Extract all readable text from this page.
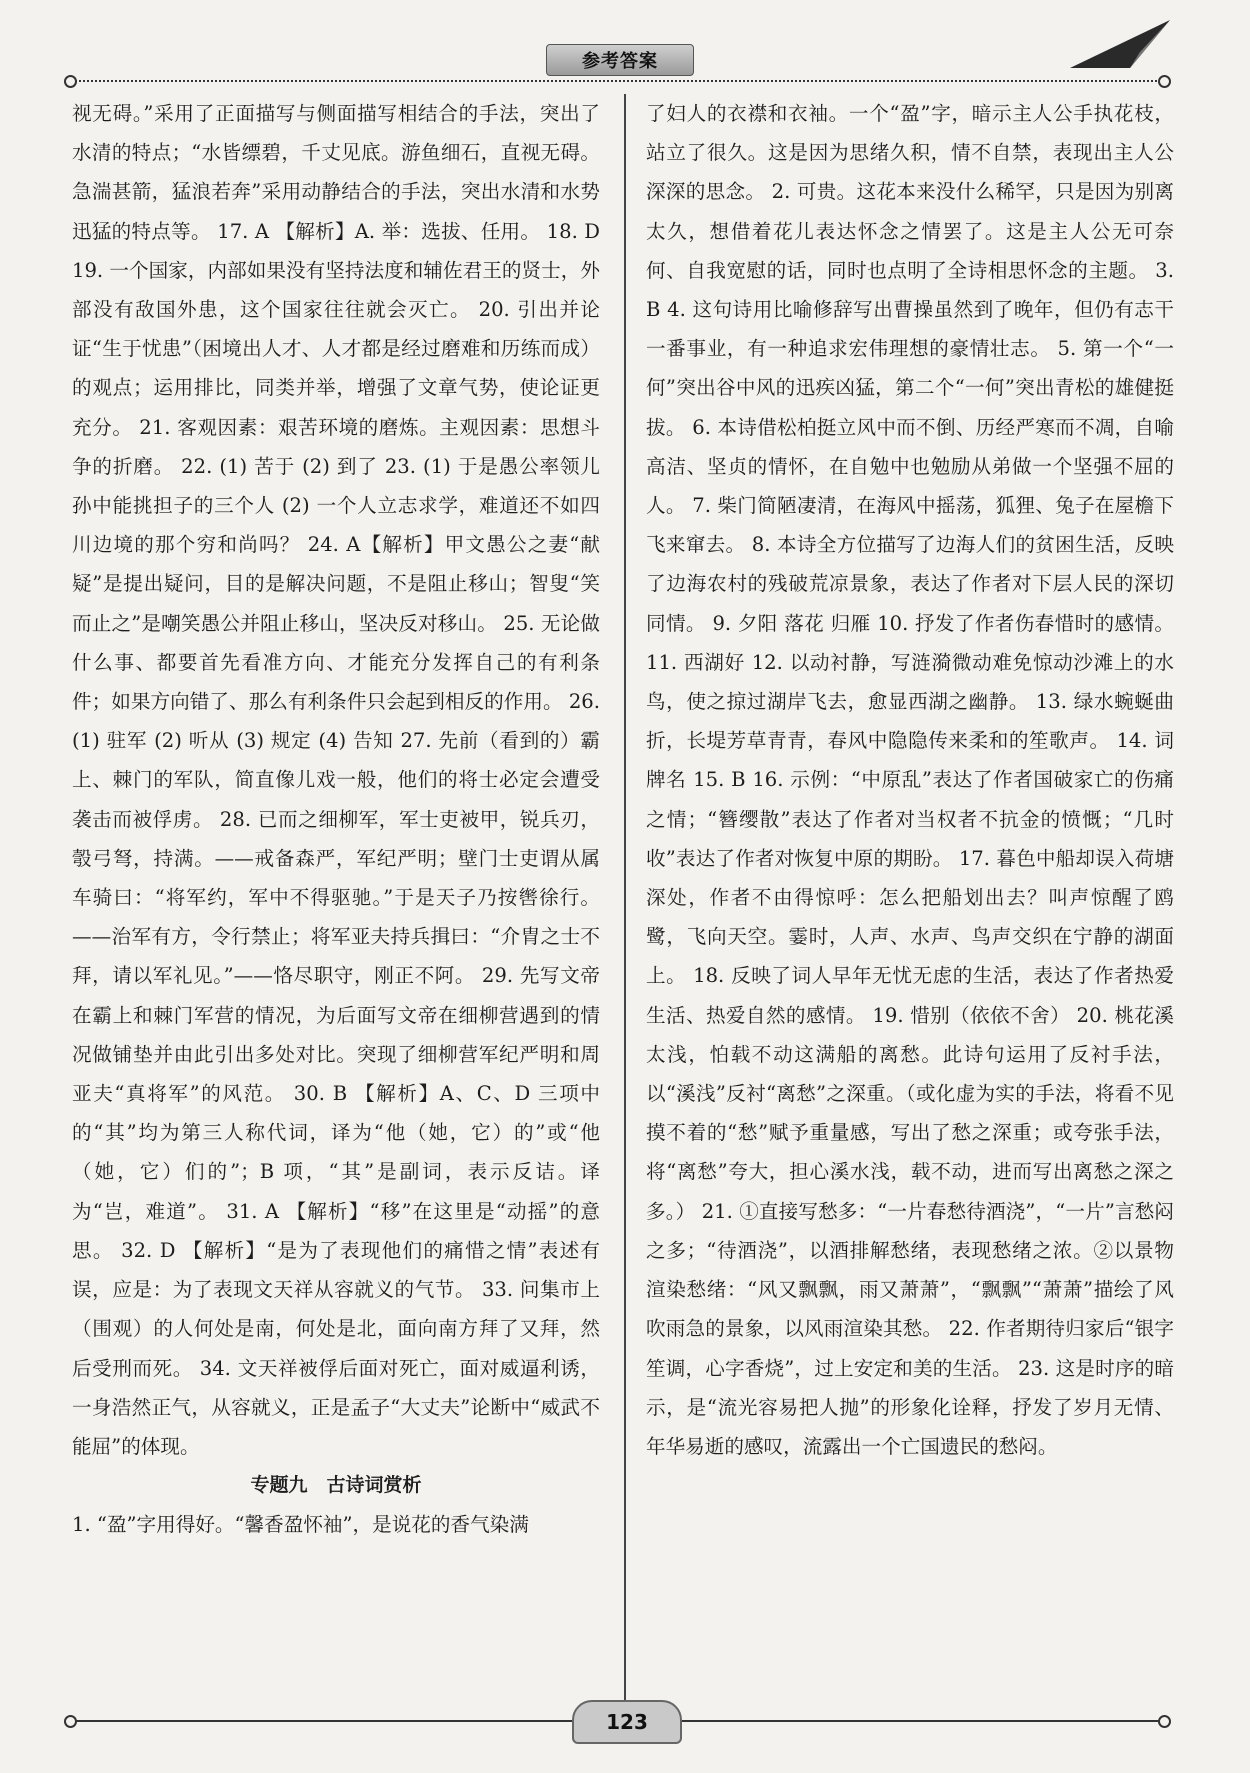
参考答案

视无碍。”采用了正面描写与侧面描写相结合的手法，突出了水清的特点；“水皆缥碧，千丈见底。游鱼细石，直视无碍。急湍甚箭，猛浪若奔”采用动静结合的手法，突出水清和水势迅猛的特点等。 17. A 【解析】A. 举：选拔、任用。 18. D 19. 一个国家，内部如果没有坚持法度和辅佐君王的贤士，外部没有敌国外患，这个国家往往就会灭亡。 20. 引出并论证“生于忧患”（困境出人才、人才都是经过磨难和历练而成）的观点；运用排比，同类并举，增强了文章气势，使论证更充分。 21. 客观因素：艰苦环境的磨炼。主观因素：思想斗争的折磨。 22. (1) 苦于 (2) 到了 23. (1) 于是愚公率领儿孙中能挑担子的三个人 (2) 一个人立志求学，难道还不如四川边境的那个穷和尚吗？ 24. A【解析】甲文愚公之妻“献疑”是提出疑问，目的是解决问题，不是阻止移山；智叟“笑而止之”是嘲笑愚公并阻止移山，坚决反对移山。 25. 无论做什么事、都要首先看准方向、才能充分发挥自己的有利条件；如果方向错了、那么有利条件只会起到相反的作用。 26. (1) 驻军 (2) 听从 (3) 规定 (4) 告知 27. 先前（看到的）霸上、棘门的军队，简直像儿戏一般，他们的将士必定会遭受袭击而被俘虏。 28. 已而之细柳军，军士吏被甲，锐兵刃，彀弓弩，持满。——戒备森严，军纪严明；壁门士吏谓从属车骑曰：“将军约，军中不得驱驰。”于是天子乃按辔徐行。——治军有方，令行禁止；将军亚夫持兵揖曰：“介胄之士不拜，请以军礼见。”——恪尽职守，刚正不阿。 29. 先写文帝在霸上和棘门军营的情况，为后面写文帝在细柳营遇到的情况做铺垫并由此引出多处对比。突现了细柳营军纪严明和周亚夫“真将军”的风范。 30. B 【解析】A、C、D 三项中的“其”均为第三人称代词，译为“他（她，它）的”或“他（她，它）们的”；B 项，“其”是副词，表示反诘。译为“岂，难道”。 31. A 【解析】“移”在这里是“动摇”的意思。 32. D 【解析】“是为了表现他们的痛惜之情”表述有误，应是：为了表现文天祥从容就义的气节。 33. 问集市上（围观）的人何处是南，何处是北，面向南方拜了又拜，然后受刑而死。 34. 文天祥被俘后面对死亡，面对威逼利诱，一身浩然正气，从容就义，正是孟子“大丈夫”论断中“威武不能屈”的体现。

专题九　古诗词赏析

1. “盈”字用得好。“馨香盈怀袖”，是说花的香气染满

了妇人的衣襟和衣袖。一个“盈”字，暗示主人公手执花枝，站立了很久。这是因为思绪久积，情不自禁，表现出主人公深深的思念。 2. 可贵。这花本来没什么稀罕，只是因为别离太久，想借着花儿表达怀念之情罢了。这是主人公无可奈何、自我宽慰的话，同时也点明了全诗相思怀念的主题。 3. B 4. 这句诗用比喻修辞写出曹操虽然到了晚年，但仍有志干一番事业，有一种追求宏伟理想的豪情壮志。 5. 第一个“一何”突出谷中风的迅疾凶猛，第二个“一何”突出青松的雄健挺拔。 6. 本诗借松柏挺立风中而不倒、历经严寒而不凋，自喻高洁、坚贞的情怀，在自勉中也勉励从弟做一个坚强不屈的人。 7. 柴门简陋凄清，在海风中摇荡，狐狸、兔子在屋檐下飞来窜去。 8. 本诗全方位描写了边海人们的贫困生活，反映了边海农村的残破荒凉景象，表达了作者对下层人民的深切同情。 9. 夕阳 落花 归雁 10. 抒发了作者伤春惜时的感情。 11. 西湖好 12. 以动衬静，写涟漪微动难免惊动沙滩上的水鸟，使之掠过湖岸飞去，愈显西湖之幽静。 13. 绿水蜿蜒曲折，长堤芳草青青，春风中隐隐传来柔和的笙歌声。 14. 词牌名 15. B 16. 示例：“中原乱”表达了作者国破家亡的伤痛之情；“簪缨散”表达了作者对当权者不抗金的愤慨；“几时收”表达了作者对恢复中原的期盼。 17. 暮色中船却误入荷塘深处，作者不由得惊呼：怎么把船划出去？叫声惊醒了鸥鹭，飞向天空。霎时，人声、水声、鸟声交织在宁静的湖面上。 18. 反映了词人早年无忧无虑的生活，表达了作者热爱生活、热爱自然的感情。 19. 惜别（依依不舍） 20. 桃花溪太浅，怕载不动这满船的离愁。此诗句运用了反衬手法，以“溪浅”反衬“离愁”之深重。（或化虚为实的手法，将看不见摸不着的“愁”赋予重量感，写出了愁之深重；或夸张手法，将“离愁”夸大，担心溪水浅，载不动，进而写出离愁之深之多。） 21. ①直接写愁多：“一片春愁待酒浇”，“一片”言愁闷之多；“待酒浇”，以酒排解愁绪，表现愁绪之浓。②以景物渲染愁绪：“风又飘飘，雨又萧萧”，“飘飘”“萧萧”描绘了风吹雨急的景象，以风雨渲染其愁。 22. 作者期待归家后“银字笙调，心字香烧”，过上安定和美的生活。 23. 这是时序的暗示，是“流光容易把人抛”的形象化诠释，抒发了岁月无情、年华易逝的感叹，流露出一个亡国遗民的愁闷。

123
